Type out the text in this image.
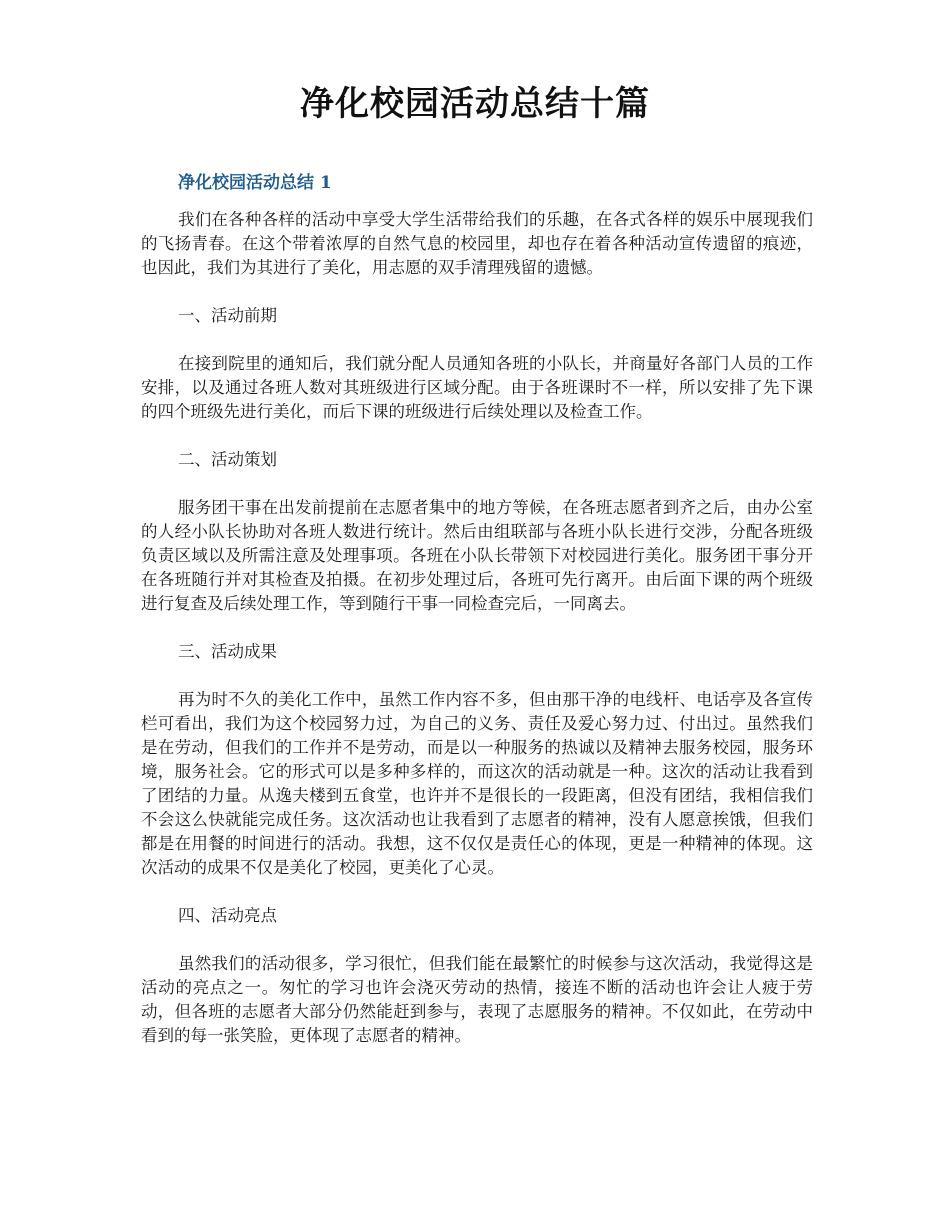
净化校园活动总结十篇
净化校园活动总结 1

我们在各种各样的活动中享受大学生活带给我们的乐趣，在各式各样的娱乐中展现我们的飞扬青春。在这个带着浓厚的自然气息的校园里，却也存在着各种活动宣传遗留的痕迹，也因此，我们为其进行了美化，用志愿的双手清理残留的遗憾。

一、活动前期

在接到院里的通知后，我们就分配人员通知各班的小队长，并商量好各部门人员的工作安排，以及通过各班人数对其班级进行区域分配。由于各班课时不一样，所以安排了先下课的四个班级先进行美化，而后下课的班级进行后续处理以及检查工作。

二、活动策划

服务团干事在出发前提前在志愿者集中的地方等候，在各班志愿者到齐之后，由办公室的人经小队长协助对各班人数进行统计。然后由组联部与各班小队长进行交涉，分配各班级负责区域以及所需注意及处理事项。各班在小队长带领下对校园进行美化。服务团干事分开在各班随行并对其检查及拍摄。在初步处理过后，各班可先行离开。由后面下课的两个班级进行复查及后续处理工作，等到随行干事一同检查完后，一同离去。

三、活动成果

再为时不久的美化工作中，虽然工作内容不多，但由那干净的电线杆、电话亭及各宣传栏可看出，我们为这个校园努力过，为自己的义务、责任及爱心努力过、付出过。虽然我们是在劳动，但我们的工作并不是劳动，而是以一种服务的热诚以及精神去服务校园，服务环境，服务社会。它的形式可以是多种多样的，而这次的活动就是一种。这次的活动让我看到了团结的力量。从逸夫楼到五食堂，也许并不是很长的一段距离，但没有团结，我相信我们不会这么快就能完成任务。这次活动也让我看到了志愿者的精神，没有人愿意挨饿，但我们都是在用餐的时间进行的活动。我想，这不仅仅是责任心的体现，更是一种精神的体现。这次活动的成果不仅是美化了校园，更美化了心灵。

四、活动亮点

虽然我们的活动很多，学习很忙，但我们能在最繁忙的时候参与这次活动，我觉得这是活动的亮点之一。匆忙的学习也许会浇灭劳动的热情，接连不断的活动也许会让人疲于劳动，但各班的志愿者大部分仍然能赶到参与，表现了志愿服务的精神。不仅如此，在劳动中看到的每一张笑脸，更体现了志愿者的精神。
